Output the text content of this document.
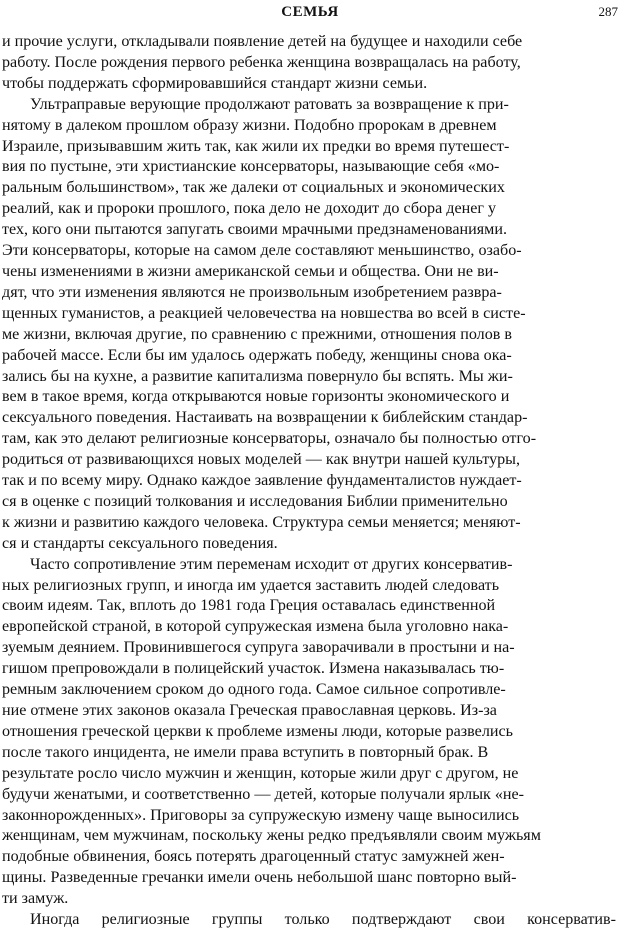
СЕМЬЯ	287

и прочие услуги, откладывали появление детей на будущее и находили себе
работу. После рождения первого ребенка женщина возвращалась на работу,
чтобы поддержать сформировавшийся стандарт жизни семьи.

Ультраправые верующие продолжают ратовать за возвращение к при-
нятому в далеком прошлом образу жизни. Подобно пророкам в древнем
Израиле, призывавшим жить так, как жили их предки во время путешест-
вия по пустыне, эти христианские консерваторы, называющие себя «мо-
ральным большинством», так же далеки от социальных и экономических
реалий, как и пророки прошлого, пока дело не доходит до сбора денег у
тех, кого они пытаются запугать своими мрачными предзнаменованиями.
Эти консерваторы, которые на самом деле составляют меньшинство, озабо-
чены изменениями в жизни американской семьи и общества. Они не ви-
дят, что эти изменения являются не произвольным изобретением развра-
щенных гуманистов, а реакцией человечества на новшества во всей в систе-
ме жизни, включая другие, по сравнению с прежними, отношения полов в
рабочей массе. Если бы им удалось одержать победу, женщины снова ока-
зались бы на кухне, а развитие капитализма повернуло бы вспять. Мы жи-
вем в такое время, когда открываются новые горизонты экономического и
сексуального поведения. Настаивать на возвращении к библейским стандар-
там, как это делают религиозные консерваторы, означало бы полностью отго-
родиться от развивающихся новых моделей — как внутри нашей культуры,
так и по всему миру. Однако каждое заявление фундаменталистов нуждает-
ся в оценке с позиций толкования и исследования Библии применительно
к жизни и развитию каждого человека. Структура семьи меняется; меняют-
ся и стандарты сексуального поведения.

Часто сопротивление этим переменам исходит от других консерватив-
ных религиозных групп, и иногда им удается заставить людей следовать
своим идеям. Так, вплоть до 1981 года Греция оставалась единственной
европейской страной, в которой супружеская измена была уголовно нака-
зуемым деянием. Провинившегося супруга заворачивали в простыни и на-
гишом препровождали в полицейский участок. Измена наказывалась тю-
ремным заключением сроком до одного года. Самое сильное сопротивле-
ние отмене этих законов оказала Греческая православная церковь. Из-за
отношения греческой церкви к проблеме измены люди, которые развелись
после такого инцидента, не имели права вступить в повторный брак. В
результате росло число мужчин и женщин, которые жили друг с другом, не
будучи женатыми, и соответственно — детей, которые получали ярлык «не-
законнорожденных». Приговоры за супружескую измену чаще выносились
женщинам, чем мужчинам, поскольку жены редко предъявляли своим мужьям
подобные обвинения, боясь потерять драгоценный статус замужней жен-
щины. Разведенные гречанки имели очень небольшой шанс повторно вый-
ти замуж.

Иногда религиозные группы только подтверждают свои консерватив-
